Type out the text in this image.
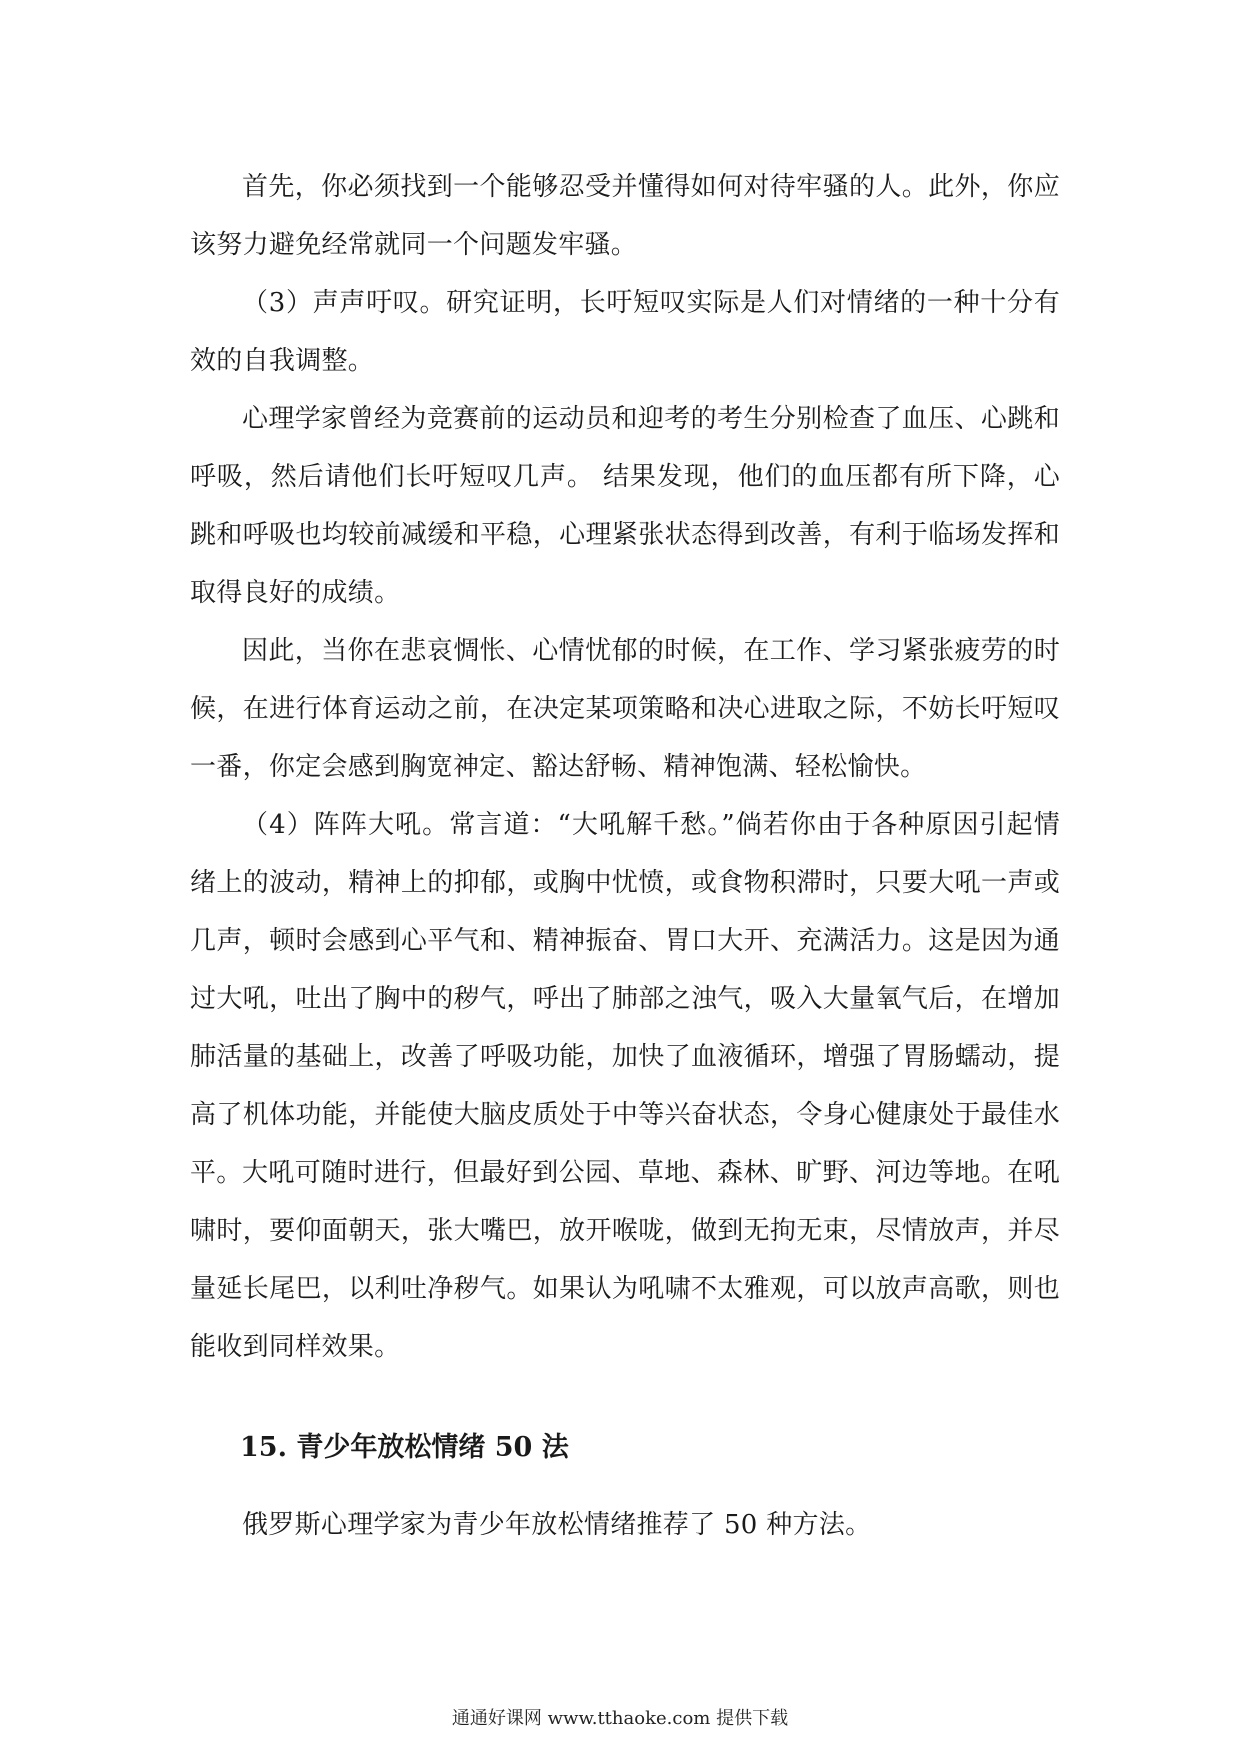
首先，你必须找到一个能够忍受并懂得如何对待牢骚的人。此外，你应该努力避免经常就同一个问题发牢骚。

（3）声声吁叹。研究证明，长吁短叹实际是人们对情绪的一种十分有效的自我调整。

心理学家曾经为竞赛前的运动员和迎考的考生分别检查了血压、心跳和呼吸，然后请他们长吁短叹几声。 结果发现，他们的血压都有所下降，心跳和呼吸也均较前减缓和平稳，心理紧张状态得到改善，有利于临场发挥和取得良好的成绩。

因此，当你在悲哀惆怅、心情忧郁的时候，在工作、学习紧张疲劳的时候，在进行体育运动之前，在决定某项策略和决心进取之际，不妨长吁短叹一番，你定会感到胸宽神定、豁达舒畅、精神饱满、轻松愉快。

（4）阵阵大吼。常言道：“大吼解千愁。”倘若你由于各种原因引起情绪上的波动，精神上的抑郁，或胸中忧愤，或食物积滞时，只要大吼一声或几声，顿时会感到心平气和、精神振奋、胃口大开、充满活力。这是因为通过大吼，吐出了胸中的秽气，呼出了肺部之浊气，吸入大量氧气后，在增加肺活量的基础上，改善了呼吸功能，加快了血液循环，增强了胃肠蠕动，提高了机体功能，并能使大脑皮质处于中等兴奋状态，令身心健康处于最佳水平。 大吼可随时进行，但最好到公园、草地、森林、旷野、河边等地。在吼啸时，要仰面朝天，张大嘴巴，放开喉咙，做到无拘无束，尽情放声，并尽量延长尾巴，以利吐净秽气。如果认为吼啸不太雅观，可以放声高歌，则也能收到同样效果。

15. 青少年放松情绪 50 法

俄罗斯心理学家为青少年放松情绪推荐了 50 种方法。

通通好课网 www.tthaoke.com 提供下载
